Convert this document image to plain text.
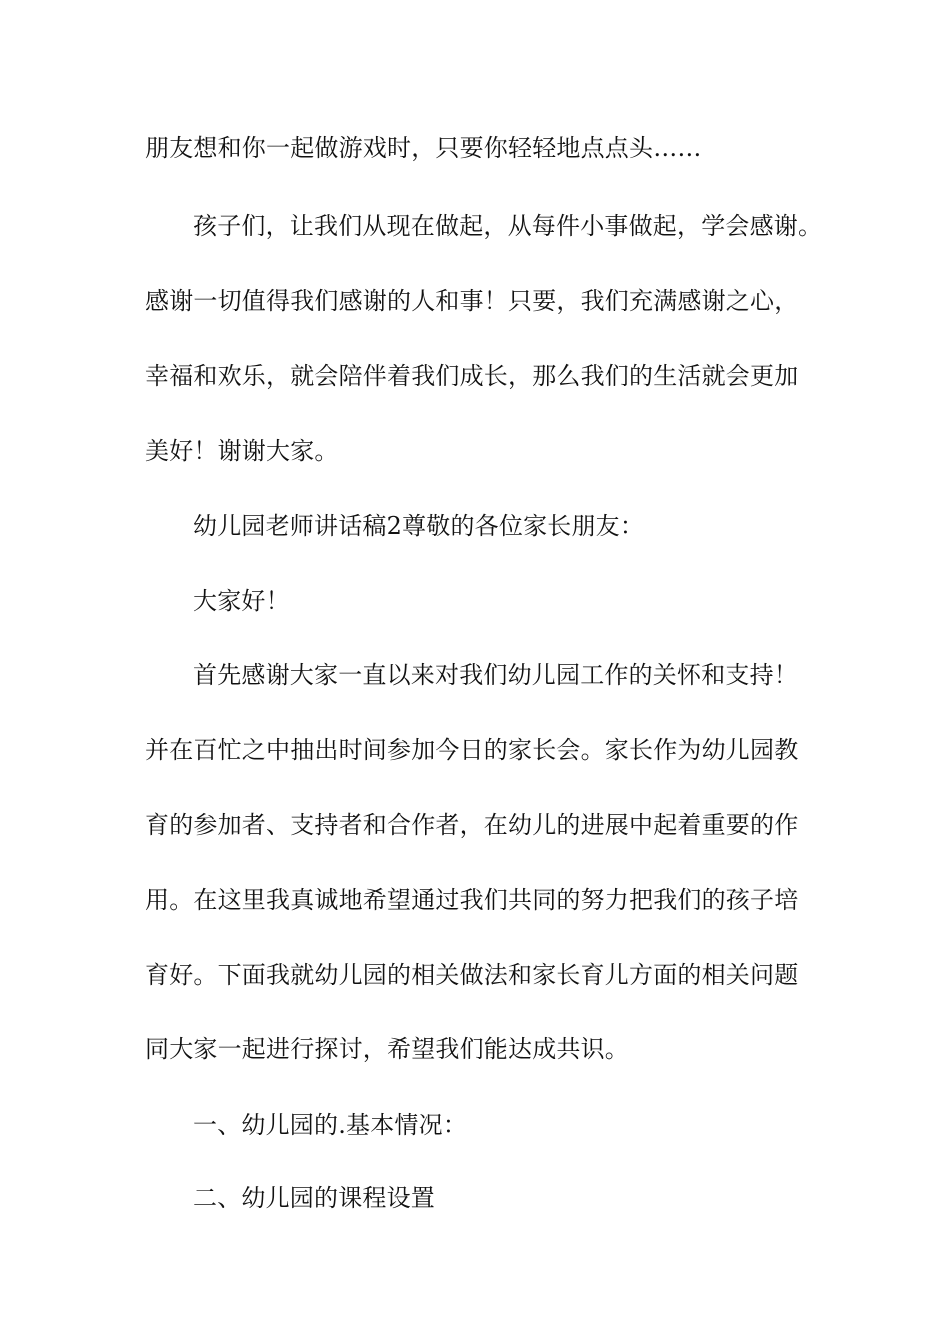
朋友想和你一起做游戏时，只要你轻轻地点点头……
孩子们，让我们从现在做起，从每件小事做起，学会感谢。
感谢一切值得我们感谢的人和事！只要，我们充满感谢之心，
幸福和欢乐，就会陪伴着我们成长，那么我们的生活就会更加
美好！谢谢大家。
幼儿园老师讲话稿2尊敬的各位家长朋友：
大家好！
首先感谢大家一直以来对我们幼儿园工作的关怀和支持！
并在百忙之中抽出时间参加今日的家长会。家长作为幼儿园教
育的参加者、支持者和合作者，在幼儿的进展中起着重要的作
用。在这里我真诚地希望通过我们共同的努力把我们的孩子培
育好。下面我就幼儿园的相关做法和家长育儿方面的相关问题
同大家一起进行探讨，希望我们能达成共识。
一、幼儿园的.基本情况：
二、幼儿园的课程设置
